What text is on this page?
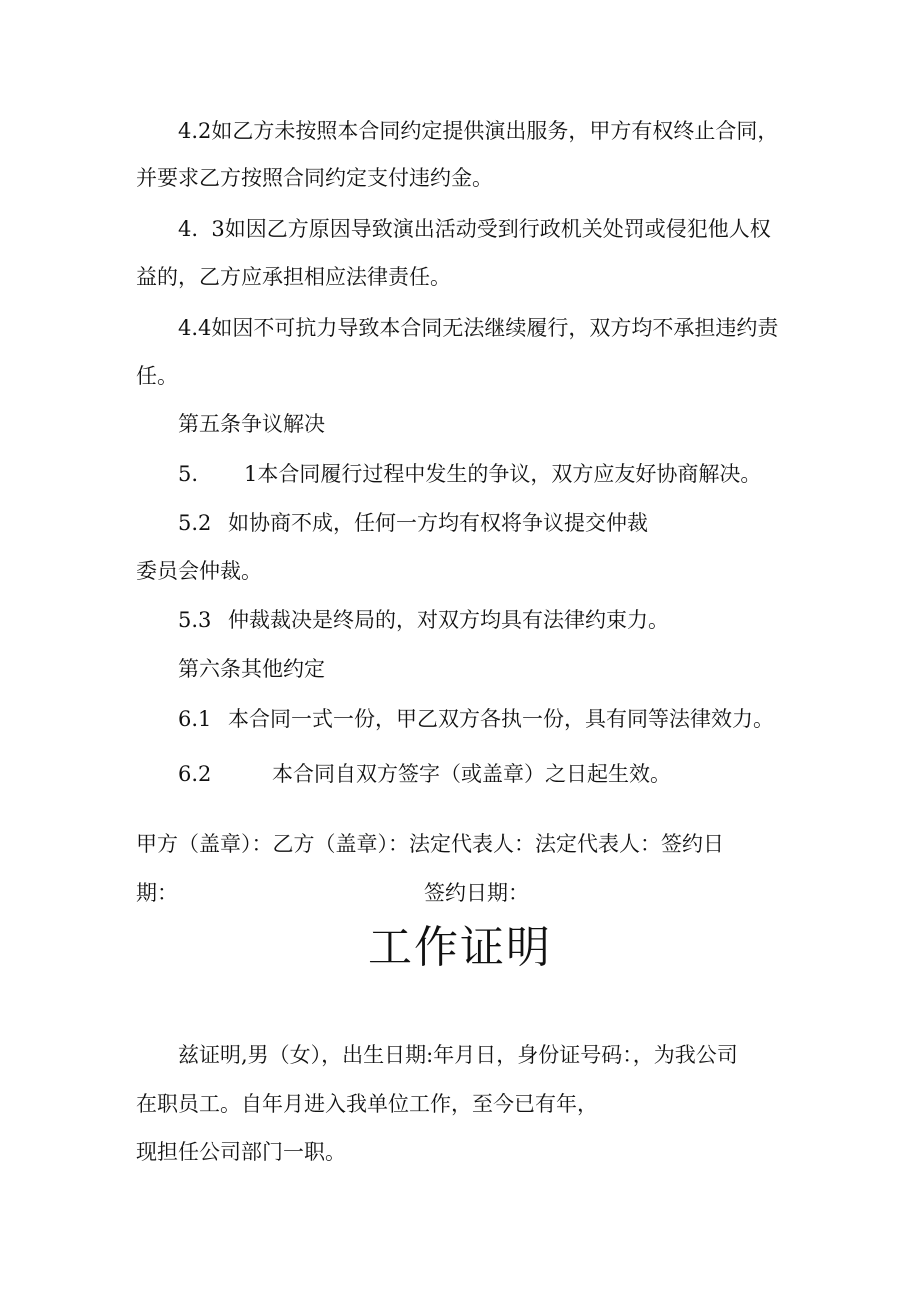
4.2如乙方未按照本合同约定提供演出服务，甲方有权终止合同，
并要求乙方按照合同约定支付违约金。
4.  3如因乙方原因导致演出活动受到行政机关处罚或侵犯他人权
益的，乙方应承担相应法律责任。
4.4如因不可抗力导致本合同无法继续履行，双方均不承担违约责
任。
第五条争议解决
5. 1本合同履行过程中发生的争议，双方应友好协商解决。
5.2 如协商不成，任何一方均有权将争议提交仲裁
委员会仲裁。
5.3 仲裁裁决是终局的，对双方均具有法律约束力。
第六条其他约定
6.1 本合同一式一份，甲乙双方各执一份，具有同等法律效力。
6.2	本合同自双方签字（或盖章）之日起生效。
甲方（盖章）：乙方（盖章）：法定代表人：法定代表人：签约日
期：	签约日期：
工作证明
兹证明,男（女），出生日期:年月日，身份证号码：，为我公司
在职员工。自年月进入我单位工作，至今已有年，
现担任公司部门一职。
